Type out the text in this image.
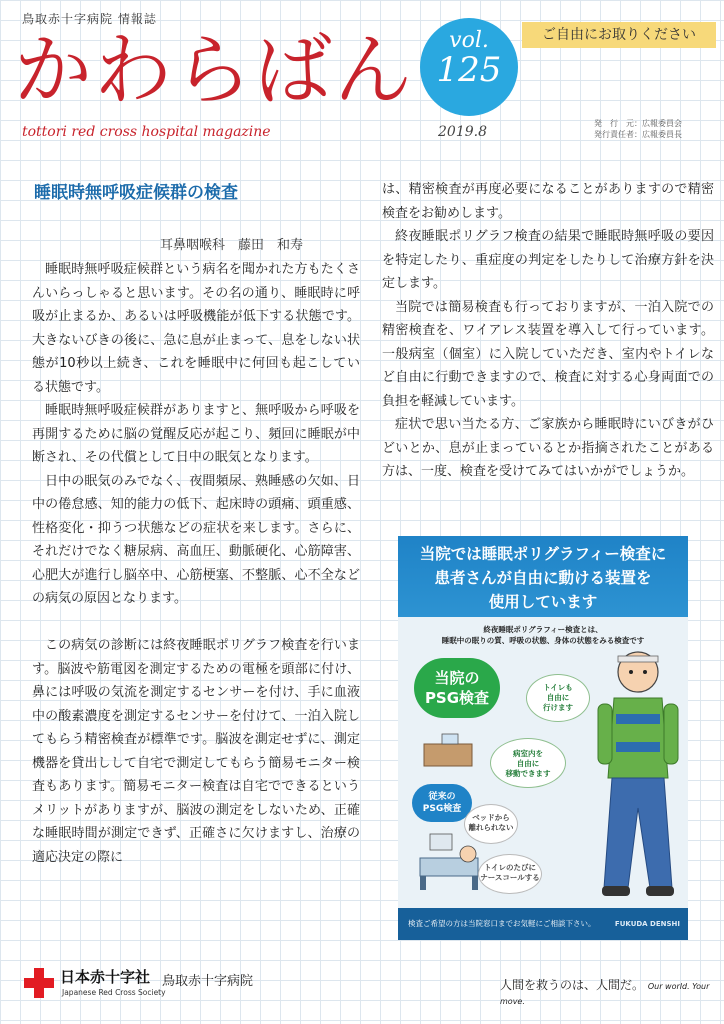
鳥取赤十字病院 情報誌
かわらばん
tottori red cross hospital magazine
vol.
125
2019.8
ご自由にお取りください
発　行　元：広報委員会
発行責任者：広報委員長
睡眠時無呼吸症候群の検査
耳鼻咽喉科　藤田　和寿

睡眠時無呼吸症候群という病名を聞かれた方もたくさんいらっしゃると思います。その名の通り、睡眠時に呼吸が止まるか、あるいは呼吸機能が低下する状態です。大きないびきの後に、急に息が止まって、息をしない状態が10秒以上続き、これを睡眠中に何回も起こしている状態です。

睡眠時無呼吸症候群がありますと、無呼吸から呼吸を再開するために脳の覚醒反応が起こり、頻回に睡眠が中断され、その代償として日中の眠気となります。

日中の眠気のみでなく、夜間頻尿、熟睡感の欠如、日中の倦怠感、知的能力の低下、起床時の頭痛、頭重感、性格変化・抑うつ状態などの症状を来します。さらに、それだけでなく糖尿病、高血圧、動脈硬化、心筋障害、心肥大が進行し脳卒中、心筋梗塞、不整脈、心不全などの病気の原因となります。

この病気の診断には終夜睡眠ポリグラフ検査を行います。脳波や筋電図を測定するための電極を頭部に付け、鼻には呼吸の気流を測定するセンサーを付け、手に血液中の酸素濃度を測定するセンサーを付けて、一泊入院してもらう精密検査が標準です。脳波を測定せずに、測定機器を貸出しして自宅で測定してもらう簡易モニター検査もあります。簡易モニター検査は自宅でできるというメリットがありますが、脳波の測定をしないため、正確な睡眠時間が測定できず、正確さに欠けますし、治療の適応決定の際に

は、精密検査が再度必要になることがありますので精密検査をお勧めします。

終夜睡眠ポリグラフ検査の結果で睡眠時無呼吸の要因を特定したり、重症度の判定をしたりして治療方針を決定します。

当院では簡易検査も行っておりますが、一泊入院での精密検査を、ワイアレス装置を導入して行っています。一般病室（個室）に入院していただき、室内やトイレなど自由に行動できますので、検査に対する心身両面での負担を軽減しています。

症状で思い当たる方、ご家族から睡眠時にいびきがひどいとか、息が止まっているとか指摘されたことがある方は、一度、検査を受けてみてはいかがでしょうか。

当院では睡眠ポリグラフィー検査に
患者さんが自由に動ける装置を
使用しています
終夜睡眠ポリグラフィー検査とは、
睡眠中の眠りの質、呼吸の状態、身体の状態をみる検査です
当院の
PSG検査
トイレも
自由に
行けます
病室内を
自由に
移動できます
従来の
PSG検査
ベッドから
離れられない
トイレのたびに
ナースコールする
検査ご希望の方は当院窓口までお気軽にご相談下さい。	FUKUDA DENSHI
日本赤十字社
Japanese Red Cross Society
鳥取赤十字病院	人間を救うのは、人間だ。 Our world. Your move.
